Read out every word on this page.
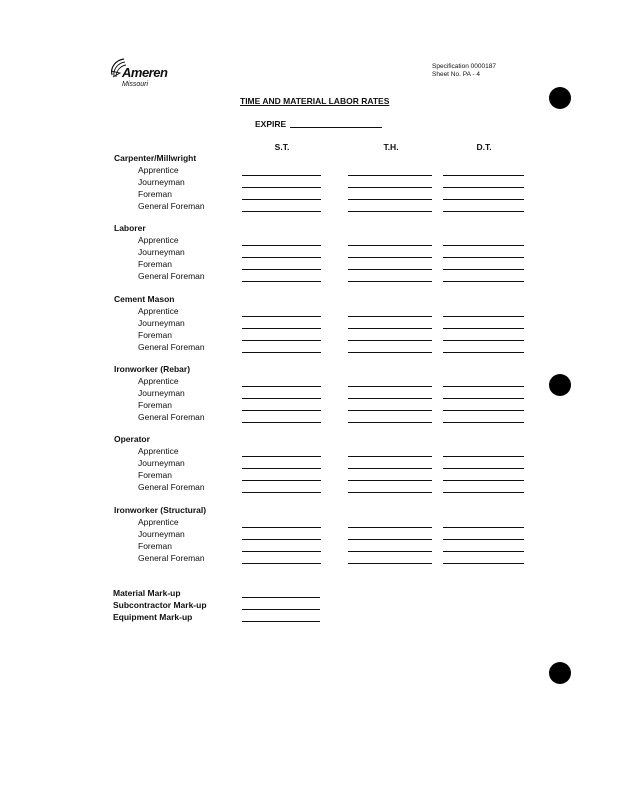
Ameren
Missouri
Specification 0000187
Sheet No. PA - 4
TIME AND MATERIAL LABOR RATES
EXPIRE
S.T.	T.H.	D.T.
Carpenter/Millwright
Apprentice
Journeyman
Foreman
General Foreman
Laborer
Apprentice
Journeyman
Foreman
General Foreman
Cement Mason
Apprentice
Journeyman
Foreman
General Foreman
Ironworker (Rebar)
Apprentice
Journeyman
Foreman
General Foreman
Operator
Apprentice
Journeyman
Foreman
General Foreman
Ironworker (Structural)
Apprentice
Journeyman
Foreman
General Foreman
Material Mark-up
Subcontractor Mark-up
Equipment Mark-up
